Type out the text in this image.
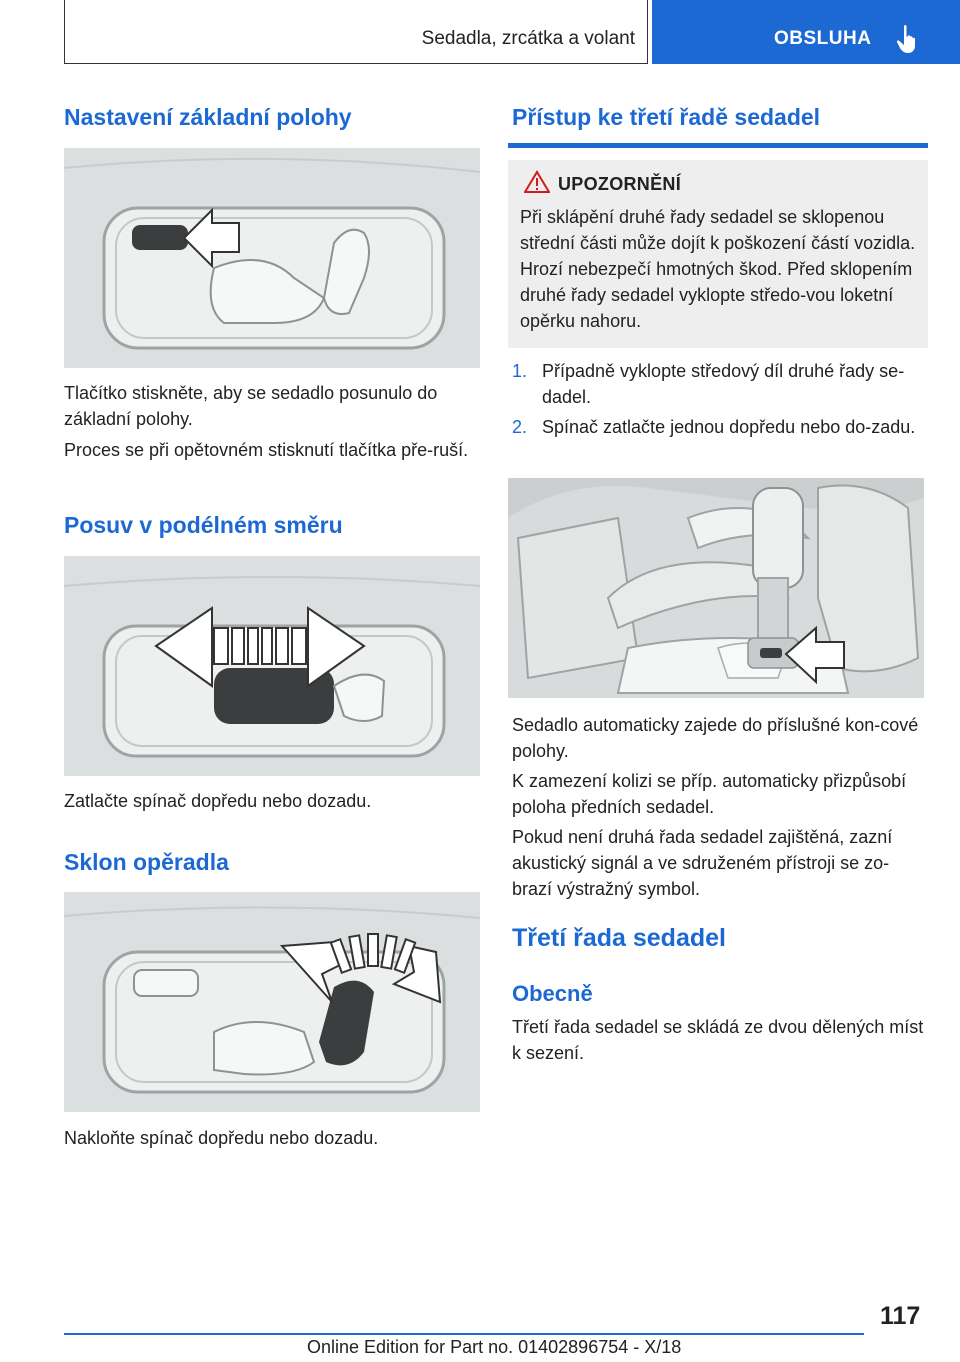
Sedadla, zrcátka a volant	OBSLUHA
Nastavení základní polohy

Tlačítko stiskněte, aby se sedadlo posunulo do základní polohy.

Proces se při opětovném stisknutí tlačítka pře-ruší.

Posuv v podélném směru

Zatlačte spínač dopředu nebo dozadu.

Sklon opěradla

Nakloňte spínač dopředu nebo dozadu.

Přístup ke třetí řadě sedadel
UPOZORNĚNÍ

Při sklápění druhé řady sedadel se sklopenou střední části může dojít k poškození částí vozidla. Hrozí nebezpečí hmotných škod. Před sklopením druhé řady sedadel vyklopte středo-vou loketní opěrku nahoru.

1. Případně vyklopte středový díl druhé řady se-dadel.
2. Spínač zatlačte jednou dopředu nebo do-zadu.

Sedadlo automaticky zajede do příslušné kon-cové polohy.

K zamezení kolizi se příp. automaticky přizpůsobí poloha předních sedadel.

Pokud není druhá řada sedadel zajištěná, zazní akustický signál a ve sdruženém přístroji se zo-brazí výstražný symbol.

Třetí řada sedadel
Obecně

Třetí řada sedadel se skládá ze dvou dělených míst k sezení.

117
Online Edition for Part no. 01402896754 - X/18
